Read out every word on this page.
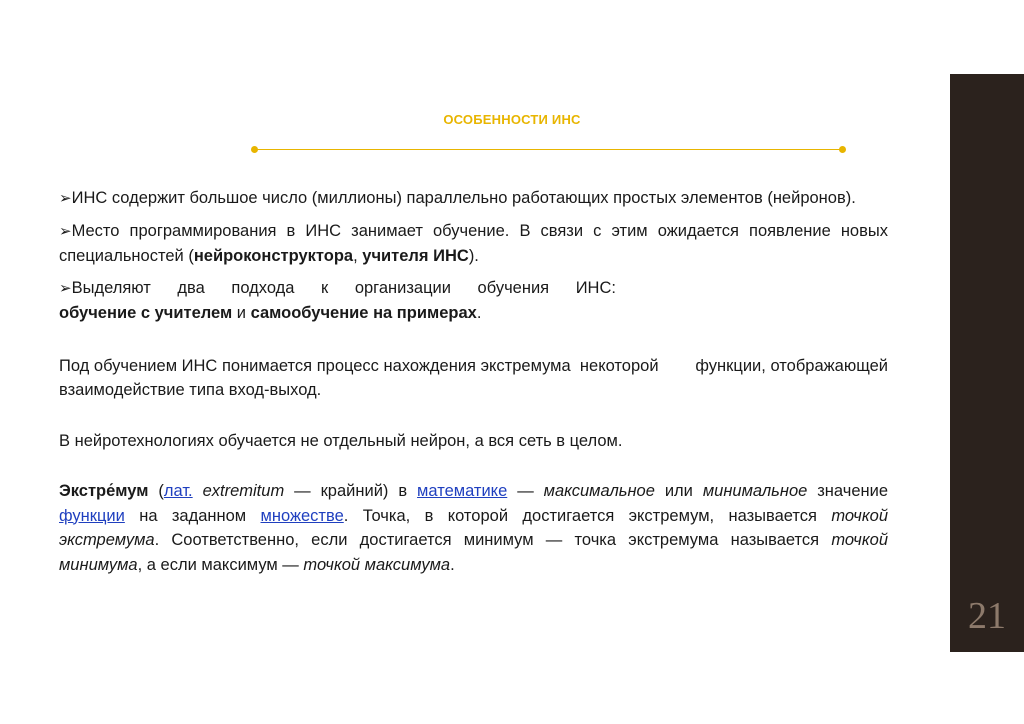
21
ОСОБЕННОСТИ ИНС

➢ИНС содержит большое число (миллионы) параллельно работающих простых элементов (нейронов).

➢Место программирования в ИНС занимает обучение. В связи с этим ожидается появление новых специальностей (нейроконструктора, учителя ИНС).

➢Выделяют два подхода к организации обучения ИНС:

обучение с учителем и самообучение на примерах.

Под обучением ИНС понимается процесс нахождения экстремума  некоторой        функции, отображающей  взаимодействие типа вход-выход.

В нейротехнологиях обучается не отдельный нейрон, а вся сеть в целом.

Экстре́мум (лат. extremitum — крайний) в математике — максимальное или минимальное значение функции на заданном множестве. Точка, в которой достигается экстремум, называется точкой экстремума. Соответственно, если достигается минимум — точка экстремума называется точкой минимума, а если максимум — точкой максимума.
